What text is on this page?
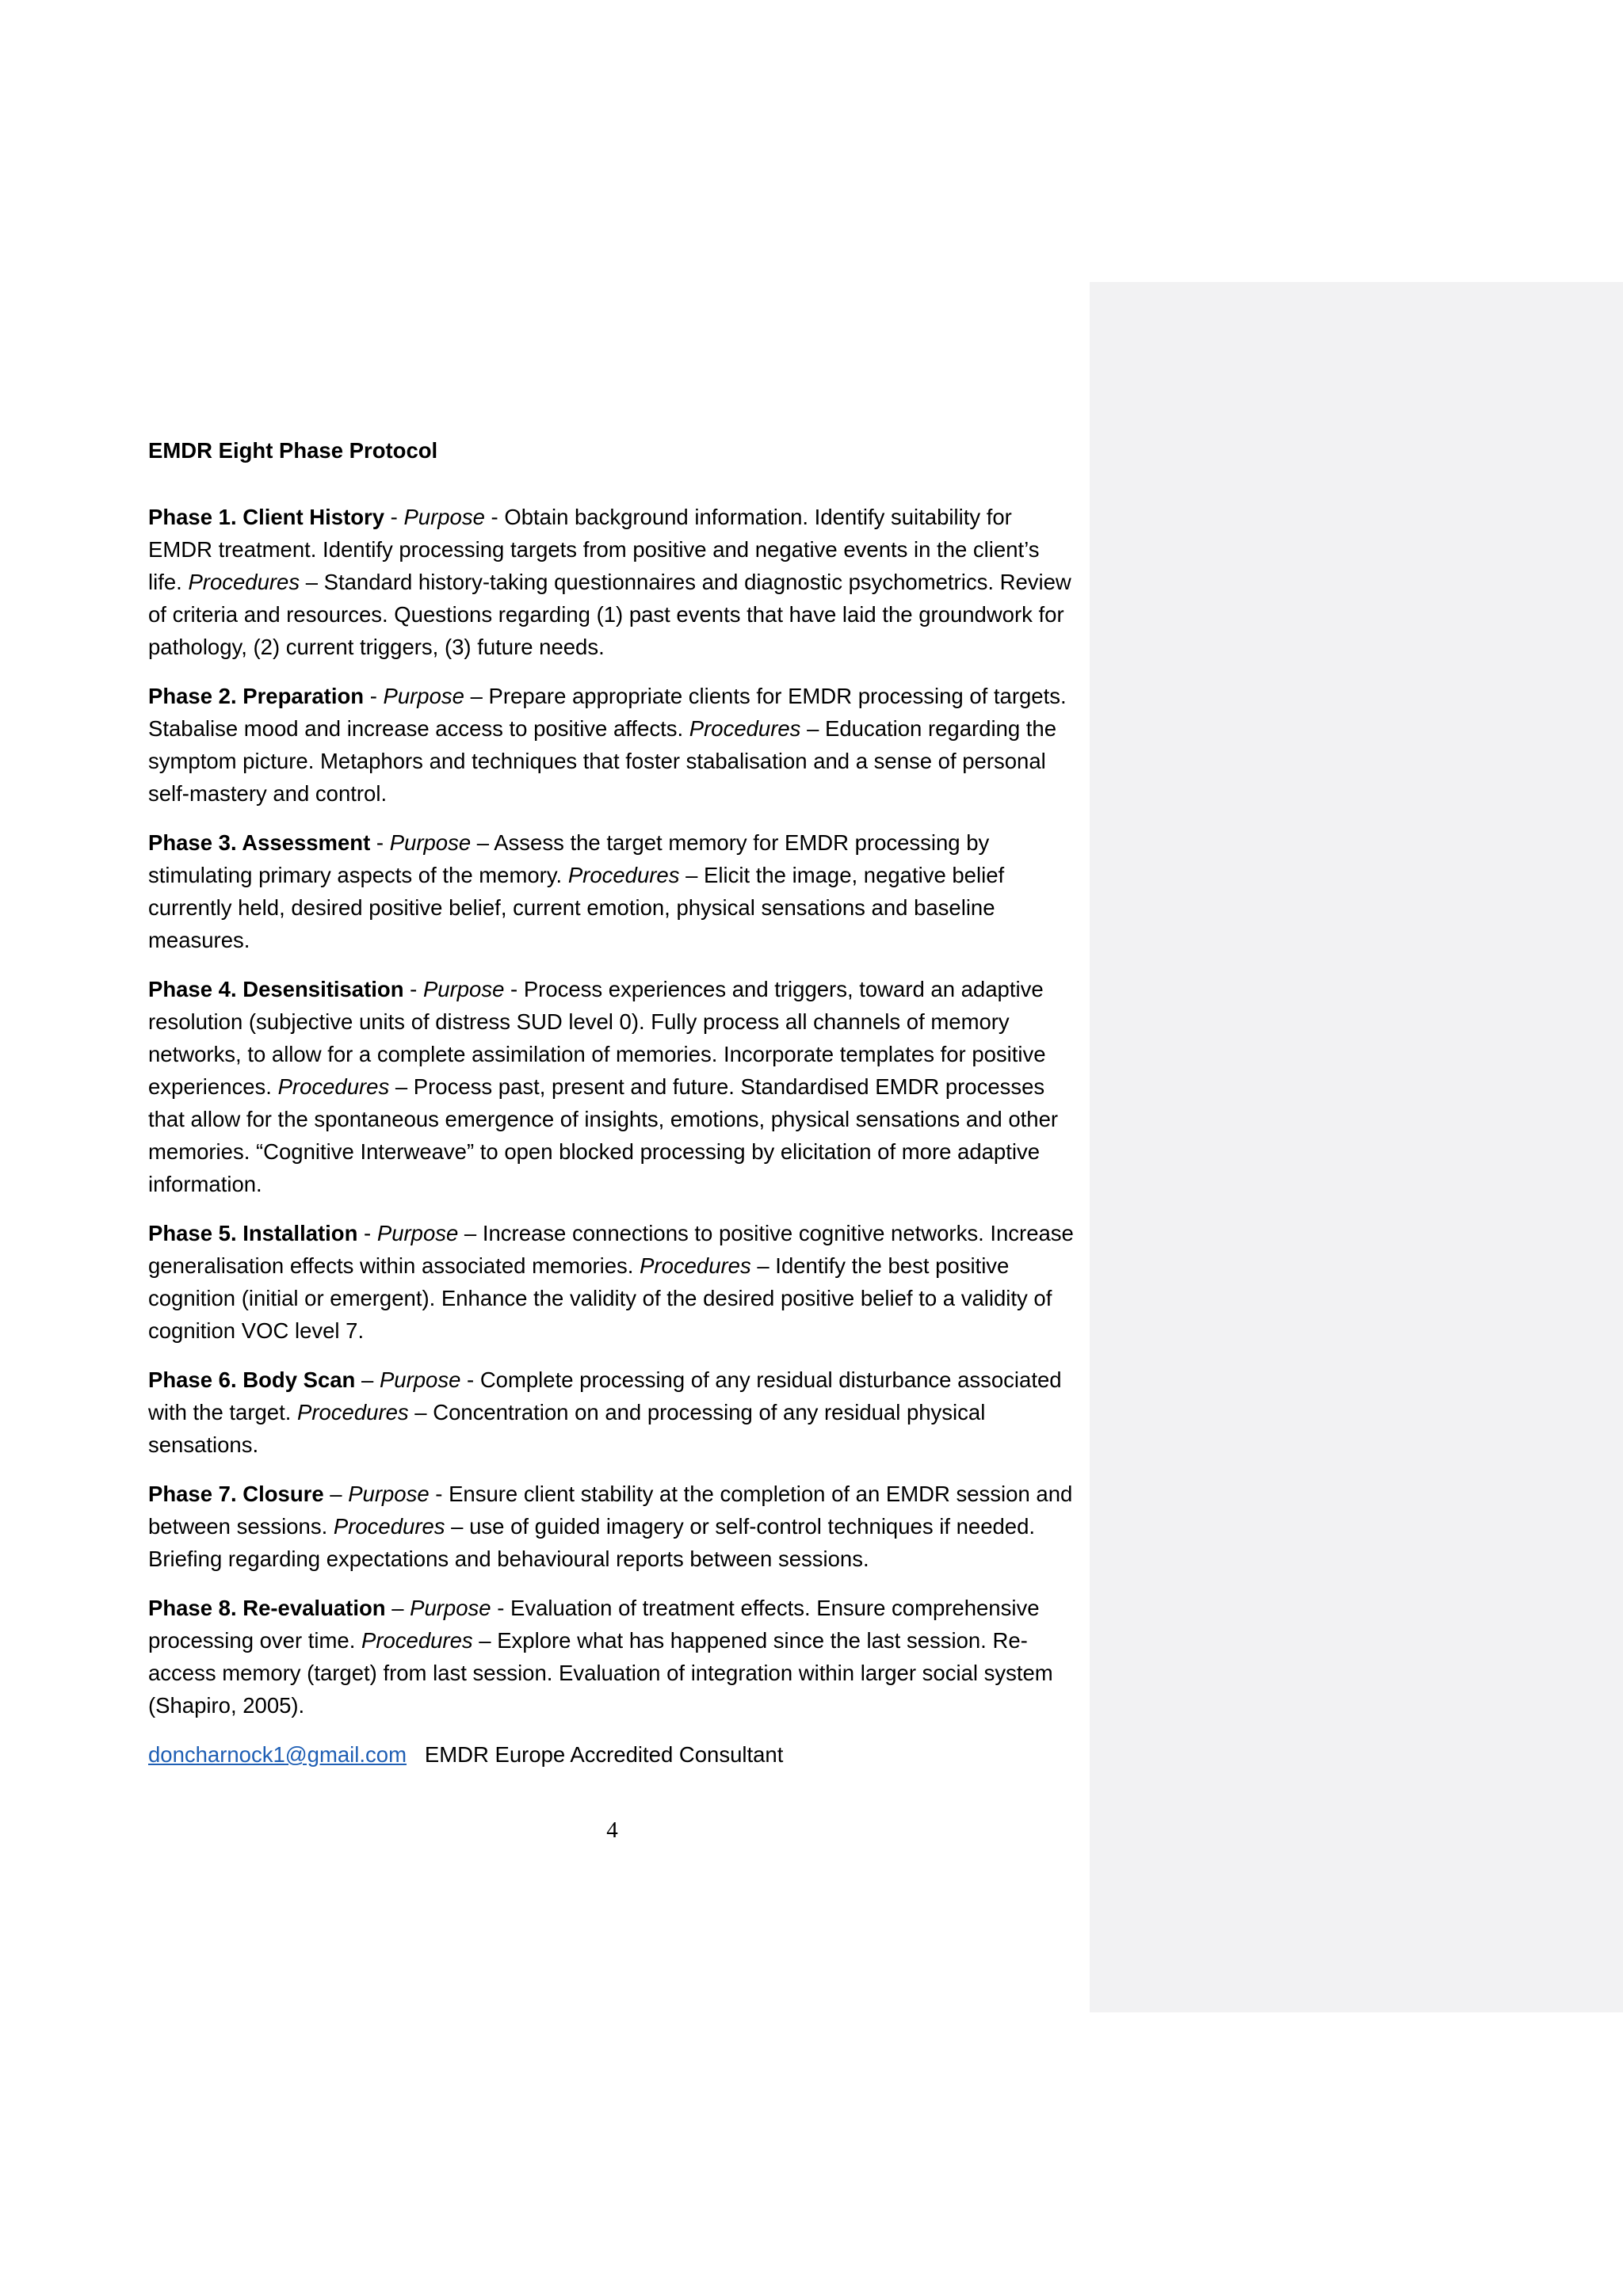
EMDR Eight Phase Protocol

Phase 1. Client History - Purpose - Obtain background information. Identify suitability for EMDR treatment. Identify processing targets from positive and negative events in the client’s life. Procedures – Standard history-taking questionnaires and diagnostic psychometrics. Review of criteria and resources. Questions regarding (1) past events that have laid the groundwork for pathology, (2) current triggers, (3) future needs.

Phase 2. Preparation - Purpose – Prepare appropriate clients for EMDR processing of targets. Stabalise mood and increase access to positive affects. Procedures – Education regarding the symptom picture. Metaphors and techniques that foster stabalisation and a sense of personal self-mastery and control.

Phase 3. Assessment - Purpose – Assess the target memory for EMDR processing by stimulating primary aspects of the memory. Procedures – Elicit the image, negative belief currently held, desired positive belief, current emotion, physical sensations and baseline measures.

Phase 4. Desensitisation - Purpose - Process experiences and triggers, toward an adaptive resolution (subjective units of distress SUD level 0). Fully process all channels of memory networks, to allow for a complete assimilation of memories. Incorporate templates for positive experiences. Procedures – Process past, present and future. Standardised EMDR processes that allow for the spontaneous emergence of insights, emotions, physical sensations and other memories. “Cognitive Interweave” to open blocked processing by elicitation of more adaptive information.

Phase 5. Installation - Purpose – Increase connections to positive cognitive networks. Increase generalisation effects within associated memories. Procedures – Identify the best positive cognition (initial or emergent). Enhance the validity of the desired positive belief to a validity of cognition VOC level 7.

Phase 6. Body Scan – Purpose - Complete processing of any residual disturbance associated with the target. Procedures – Concentration on and processing of any residual physical sensations.

Phase 7. Closure – Purpose - Ensure client stability at the completion of an EMDR session and between sessions. Procedures – use of guided imagery or self-control techniques if needed. Briefing regarding expectations and behavioural reports between sessions.

Phase 8. Re-evaluation – Purpose - Evaluation of treatment effects. Ensure comprehensive processing over time. Procedures – Explore what has happened since the last session. Re-access memory (target) from last session. Evaluation of integration within larger social system (Shapiro, 2005).

doncharnock1@gmail.com   EMDR Europe Accredited Consultant

4
